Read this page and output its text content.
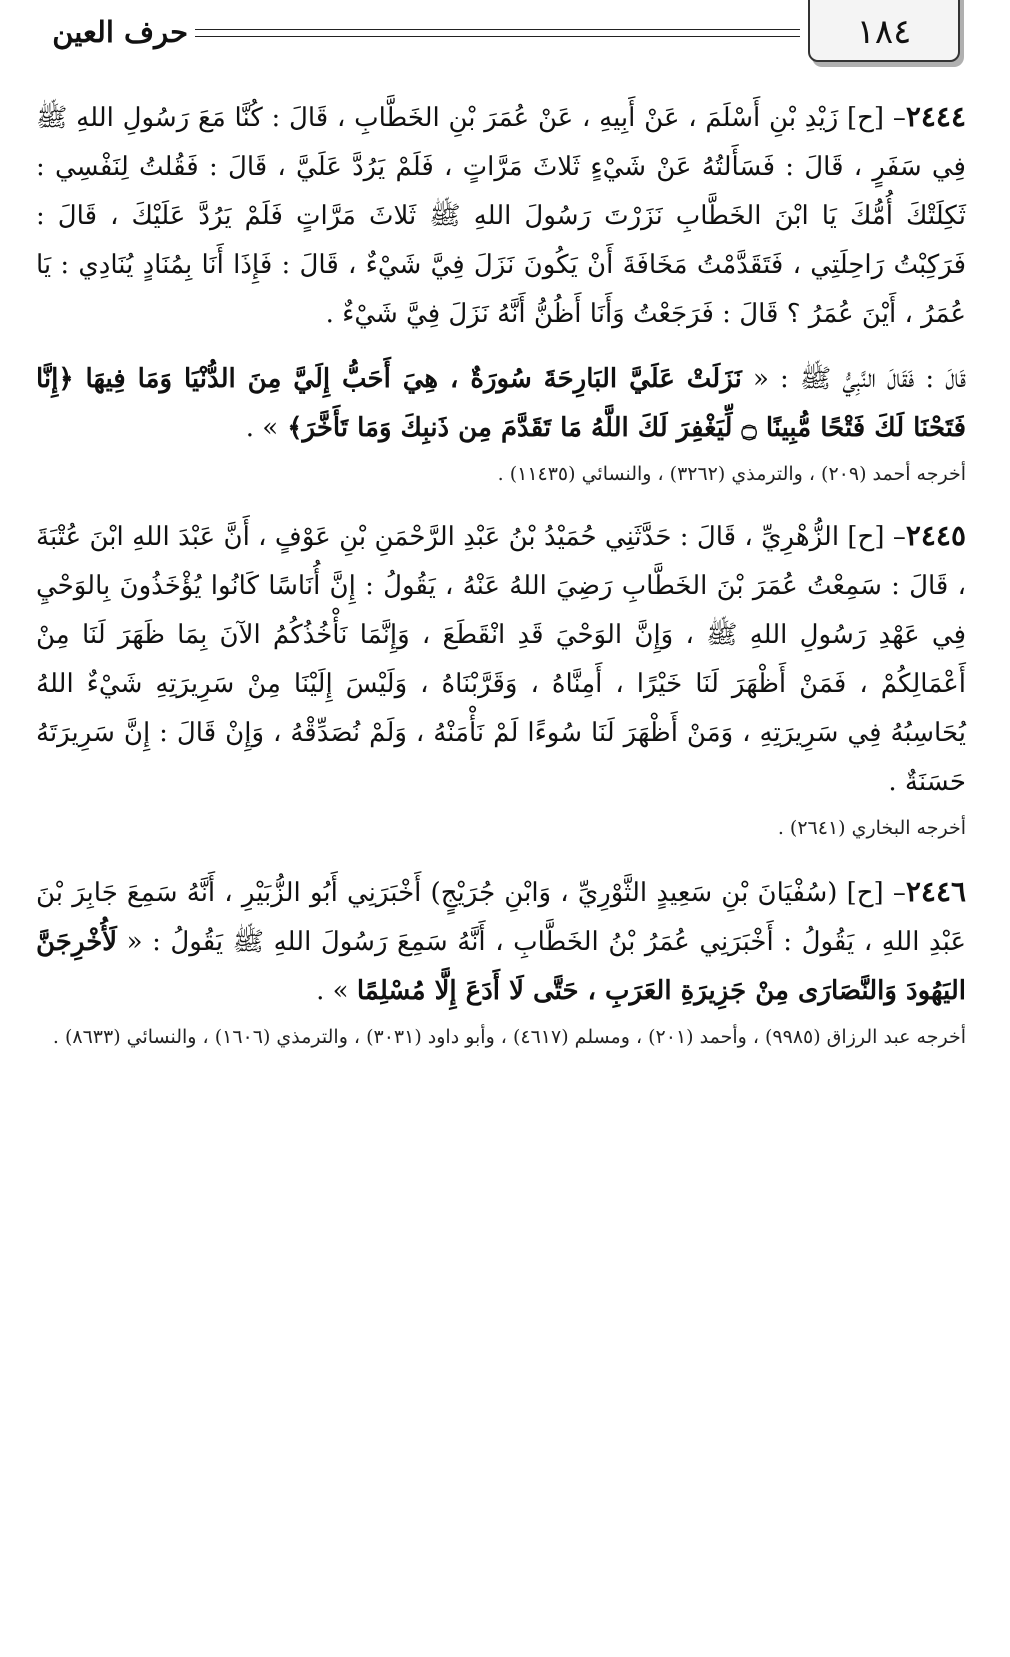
١٨٤
حرف العين

٢٤٤٤– [ح] زَيْدِ بْنِ أَسْلَمَ ، عَنْ أَبِيهِ ، عَنْ عُمَرَ بْنِ الخَطَّابِ ، قَالَ : كُنَّا مَعَ رَسُولِ اللهِ ﷺ فِي سَفَرٍ ، قَالَ : فَسَأَلتُهُ عَنْ شَيْءٍ ثَلاثَ مَرَّاتٍ ، فَلَمْ يَرُدَّ عَلَيَّ ، قَالَ : فَقُلتُ لِنَفْسِي : ثَكِلَتْكَ أُمُّكَ يَا ابْنَ الخَطَّابِ نَزَرْتَ رَسُولَ اللهِ ﷺ ثَلاثَ مَرَّاتٍ فَلَمْ يَرُدَّ عَلَيْكَ ، قَالَ : فَرَكِبْتُ رَاحِلَتِي ، فَتَقَدَّمْتُ مَخَافَةَ أَنْ يَكُونَ نَزَلَ فِيَّ شَيْءٌ ، قَالَ : فَإِذَا أَنَا بِمُنَادٍ يُنَادِي : يَا عُمَرُ ، أَيْنَ عُمَرُ ؟ قَالَ : فَرَجَعْتُ وَأَنَا أَظُنُّ أَنَّهُ نَزَلَ فِيَّ شَيْءٌ .

قَالَ : فَقَالَ النَّبِيُّ ﷺ : « نَزَلَتْ عَلَيَّ البَارِحَةَ سُورَةٌ ، هِيَ أَحَبُّ إِلَيَّ مِنَ الدُّنْيَا وَمَا فِيهَا ﴿إِنَّا فَتَحْنَا لَكَ فَتْحًا مُّبِينًا ۝ لِّيَغْفِرَ لَكَ اللَّهُ مَا تَقَدَّمَ مِن ذَنبِكَ وَمَا تَأَخَّرَ﴾ » .

أخرجه أحمد (٢٠٩) ، والترمذي (٣٢٦٢) ، والنسائي (١١٤٣٥) .

٢٤٤٥– [ح] الزُّهْرِيِّ ، قَالَ : حَدَّثَنِي حُمَيْدُ بْنُ عَبْدِ الرَّحْمَنِ بْنِ عَوْفٍ ، أَنَّ عَبْدَ اللهِ ابْنَ عُتْبَةَ ، قَالَ : سَمِعْتُ عُمَرَ بْنَ الخَطَّابِ رَضِيَ اللهُ عَنْهُ ، يَقُولُ : إِنَّ أُنَاسًا كَانُوا يُؤْخَذُونَ بِالوَحْيِ فِي عَهْدِ رَسُولِ اللهِ ﷺ ، وَإِنَّ الوَحْيَ قَدِ انْقَطَعَ ، وَإِنَّمَا نَأْخُذُكُمُ الآنَ بِمَا ظَهَرَ لَنَا مِنْ أَعْمَالِكُمْ ، فَمَنْ أَظْهَرَ لَنَا خَيْرًا ، أَمِنَّاهُ ، وَقَرَّبْنَاهُ ، وَلَيْسَ إِلَيْنَا مِنْ سَرِيرَتِهِ شَيْءٌ اللهُ يُحَاسِبُهُ فِي سَرِيرَتِهِ ، وَمَنْ أَظْهَرَ لَنَا سُوءًا لَمْ نَأْمَنْهُ ، وَلَمْ نُصَدِّقْهُ ، وَإِنْ قَالَ : إِنَّ سَرِيرَتَهُ حَسَنَةٌ .

أخرجه البخاري (٢٦٤١) .

٢٤٤٦– [ح] (سُفْيَانَ بْنِ سَعِيدٍ الثَّوْرِيِّ ، وَابْنِ جُرَيْجٍ) أَخْبَرَنِي أَبُو الزُّبَيْرِ ، أَنَّهُ سَمِعَ جَابِرَ بْنَ عَبْدِ اللهِ ، يَقُولُ : أَخْبَرَنِي عُمَرُ بْنُ الخَطَّابِ ، أَنَّهُ سَمِعَ رَسُولَ اللهِ ﷺ يَقُولُ : « لَأُخْرِجَنَّ اليَهُودَ وَالنَّصَارَى مِنْ جَزِيرَةِ العَرَبِ ، حَتَّى لَا أَدَعَ إِلَّا مُسْلِمًا » .

أخرجه عبد الرزاق (٩٩٨٥) ، وأحمد (٢٠١) ، ومسلم (٤٦١٧) ، وأبو داود (٣٠٣١) ، والترمذي (١٦٠٦) ، والنسائي (٨٦٣٣) .
